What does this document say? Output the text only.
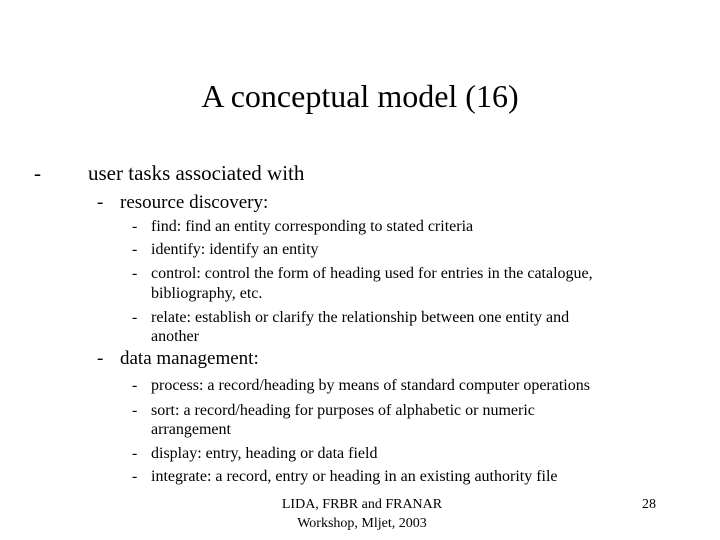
A conceptual model (16)
- user tasks associated with
- resource discovery:
- find: find an entity corresponding to stated criteria
- identify: identify an entity
- control: control the form of heading used for entries in the catalogue,
bibliography, etc.
- relate: establish or clarify the relationship between one entity and
another
- data management:
- process: a record/heading by means of standard computer operations
- sort: a record/heading for purposes of alphabetic or numeric
arrangement
- display: entry, heading or data field
- integrate: a record, entry or heading in an existing authority file
LIDA, FRBR and FRANAR
Workshop, Mljet, 2003
28
